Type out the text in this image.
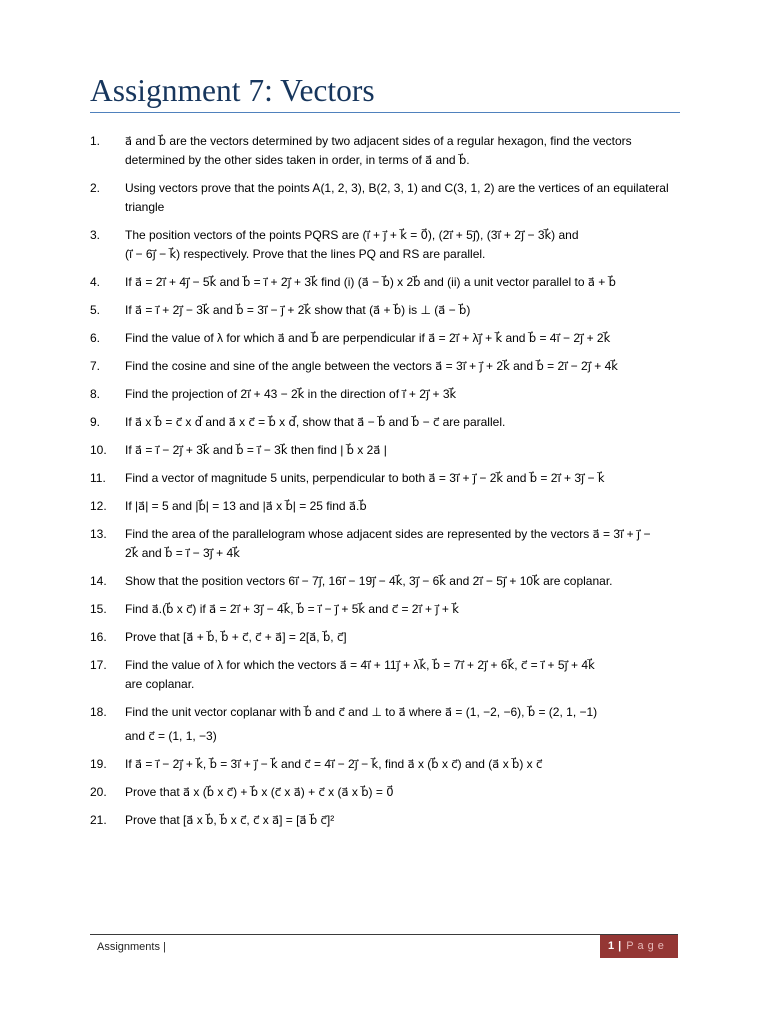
Assignment 7: Vectors
1.	a⃗ and b⃗ are the vectors determined by two adjacent sides of a regular hexagon, find the vectors
determined by the other sides taken in order, in terms of a⃗ and b⃗.
2.	Using vectors prove that the points A(1, 2, 3), B(2, 3, 1) and C(3, 1, 2) are the vertices of an equilateral
triangle
3.	The position vectors of the points PQRS are (i⃗ + j⃗ + k⃗ = 0⃗), (2i⃗ + 5j⃗), (3i⃗ + 2j⃗ − 3k⃗) and
(i⃗ − 6j⃗ − k⃗) respectively. Prove that the lines PQ and RS are parallel.
4.	If a⃗ = 2i⃗ + 4j⃗ − 5k⃗ and b⃗ = i⃗ + 2j⃗ + 3k⃗ find (i) (a⃗ − b⃗) x 2b⃗ and (ii) a unit vector parallel to a⃗ + b⃗
5.	If a⃗ = i⃗ + 2j⃗ − 3k⃗ and b⃗ = 3i⃗ − j⃗ + 2k⃗ show that (a⃗ + b⃗) is ⊥ (a⃗ − b⃗)
6.	Find the value of λ for which a⃗ and b⃗ are perpendicular if a⃗ = 2i⃗ + λj⃗ + k⃗ and b⃗ = 4i⃗ − 2j⃗ + 2k⃗
7.	Find the cosine and sine of the angle between the vectors a⃗ = 3i⃗ + j⃗ + 2k⃗ and b⃗ = 2i⃗ − 2j⃗ + 4k⃗
8.	Find the projection of 2i⃗ + 43 − 2k⃗ in the direction of i⃗ + 2j⃗ + 3k⃗
9.	If a⃗ x b⃗ = c⃗ x d⃗ and a⃗ x c⃗ = b⃗ x d⃗, show that a⃗ − b⃗ and b⃗ − c⃗ are parallel.
10.	If a⃗ = i⃗ − 2j⃗ + 3k⃗ and b⃗ = i⃗ − 3k⃗ then find | b⃗ x 2a⃗ |
11.	Find a vector of magnitude 5 units, perpendicular to both a⃗ = 3i⃗ + j⃗ − 2k⃗ and b⃗ = 2i⃗ + 3j⃗ − k⃗
12.	If |a⃗| = 5 and |b⃗| = 13 and |a⃗ x b⃗| = 25 find a⃗.b⃗
13.	Find the area of the parallelogram whose adjacent sides are represented by the vectors a⃗ = 3i⃗ + j⃗ −
2k⃗ and b⃗ = i⃗ − 3j⃗ + 4k⃗
14.	Show that the position vectors 6i⃗ − 7j⃗, 16i⃗ − 19j⃗ − 4k⃗, 3j⃗ − 6k⃗ and 2i⃗ − 5j⃗ + 10k⃗ are coplanar.
15.	Find a⃗.(b⃗ x c⃗) if a⃗ = 2i⃗ + 3j⃗ − 4k⃗, b⃗ = i⃗ − j⃗ + 5k⃗ and c⃗ = 2i⃗ + j⃗ + k⃗
16.	Prove that [a⃗ + b⃗, b⃗ + c⃗, c⃗ + a⃗] = 2[a⃗, b⃗, c⃗]
17.	Find the value of λ for which the vectors a⃗ = 4i⃗ + 11j⃗ + λk⃗, b⃗ = 7i⃗ + 2j⃗ + 6k⃗, c⃗ = i⃗ + 5j⃗ + 4k⃗
are coplanar.
18.	Find the unit vector coplanar with b⃗ and c⃗ and ⊥ to a⃗ where a⃗ = (1, −2, −6), b⃗ = (2, 1, −1)
and c⃗ = (1, 1, −3)
19.	If a⃗ = i⃗ − 2j⃗ + k⃗, b⃗ = 3i⃗ + j⃗ − k⃗ and c⃗ = 4i⃗ − 2j⃗ − k⃗, find a⃗ x (b⃗ x c⃗) and (a⃗ x b⃗) x c⃗
20.	Prove that a⃗ x (b⃗ x c⃗) + b⃗ x (c⃗ x a⃗) + c⃗ x (a⃗ x b⃗) = 0⃗
21.	Prove that [a⃗ x b⃗, b⃗ x c⃗, c⃗ x a⃗] = [a⃗ b⃗ c⃗]²
Assignments |	1 | Page
